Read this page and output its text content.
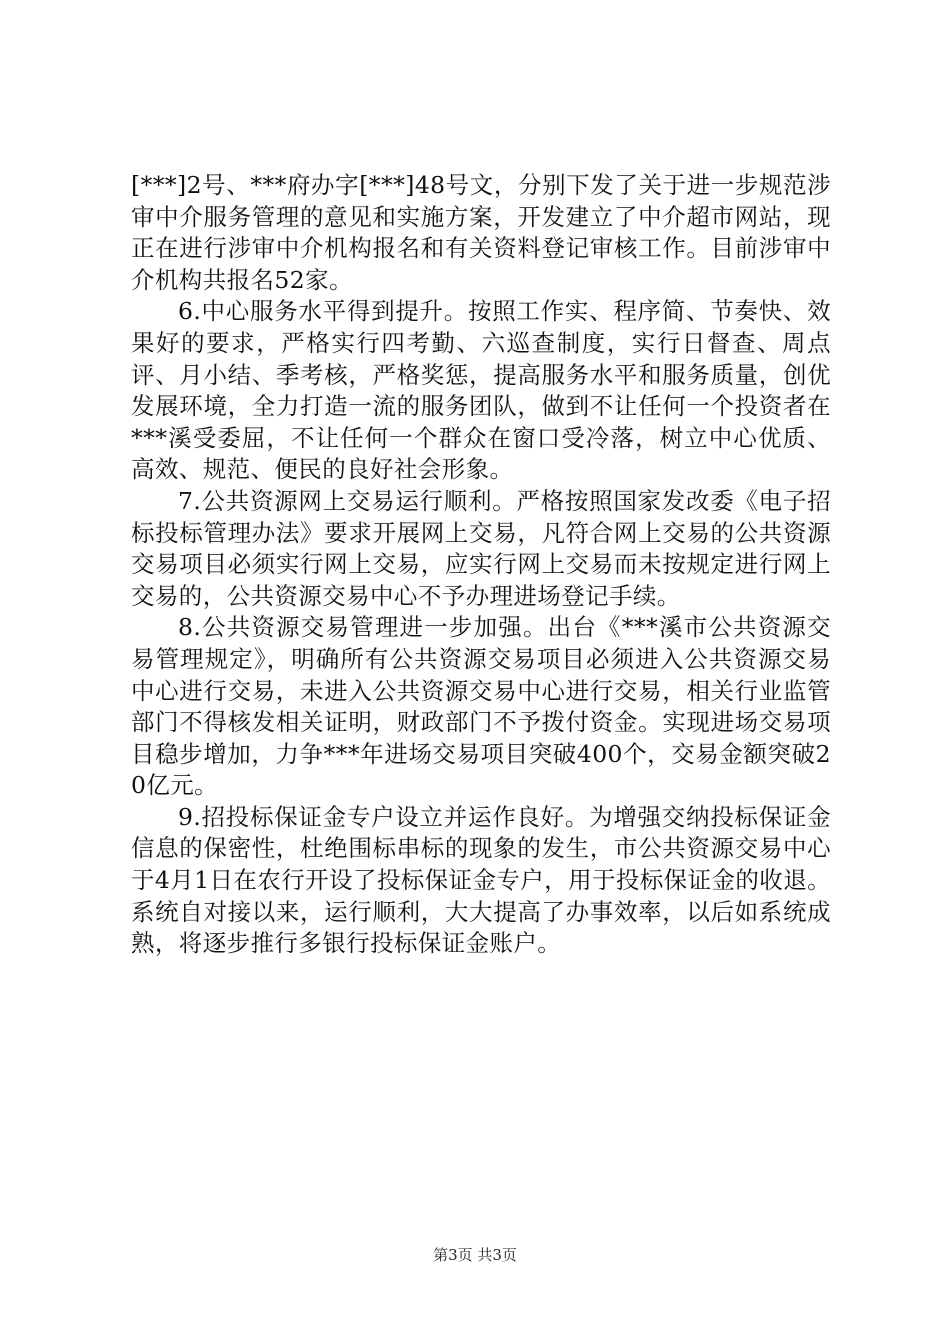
[***]2号、***府办字[***]48号文，分别下发了关于进一步规范涉审中介服务管理的意见和实施方案，开发建立了中介超市网站，现正在进行涉审中介机构报名和有关资料登记审核工作。目前涉审中介机构共报名52家。

6.中心服务水平得到提升。按照工作实、程序简、节奏快、效果好的要求，严格实行四考勤、六巡查制度，实行日督查、周点评、月小结、季考核，严格奖惩，提高服务水平和服务质量，创优发展环境，全力打造一流的服务团队，做到不让任何一个投资者在***溪受委屈，不让任何一个群众在窗口受冷落，树立中心优质、高效、规范、便民的良好社会形象。

7.公共资源网上交易运行顺利。严格按照国家发改委《电子招标投标管理办法》要求开展网上交易，凡符合网上交易的公共资源交易项目必须实行网上交易，应实行网上交易而未按规定进行网上交易的，公共资源交易中心不予办理进场登记手续。

8.公共资源交易管理进一步加强。出台《***溪市公共资源交易管理规定》，明确所有公共资源交易项目必须进入公共资源交易中心进行交易，未进入公共资源交易中心进行交易，相关行业监管部门不得核发相关证明，财政部门不予拨付资金。实现进场交易项目稳步增加，力争***年进场交易项目突破400个，交易金额突破20亿元。

9.招投标保证金专户设立并运作良好。为增强交纳投标保证金信息的保密性，杜绝围标串标的现象的发生，市公共资源交易中心于4月1日在农行开设了投标保证金专户，用于投标保证金的收退。系统自对接以来，运行顺利，大大提高了办事效率，以后如系统成熟，将逐步推行多银行投标保证金账户。

第3页 共3页
